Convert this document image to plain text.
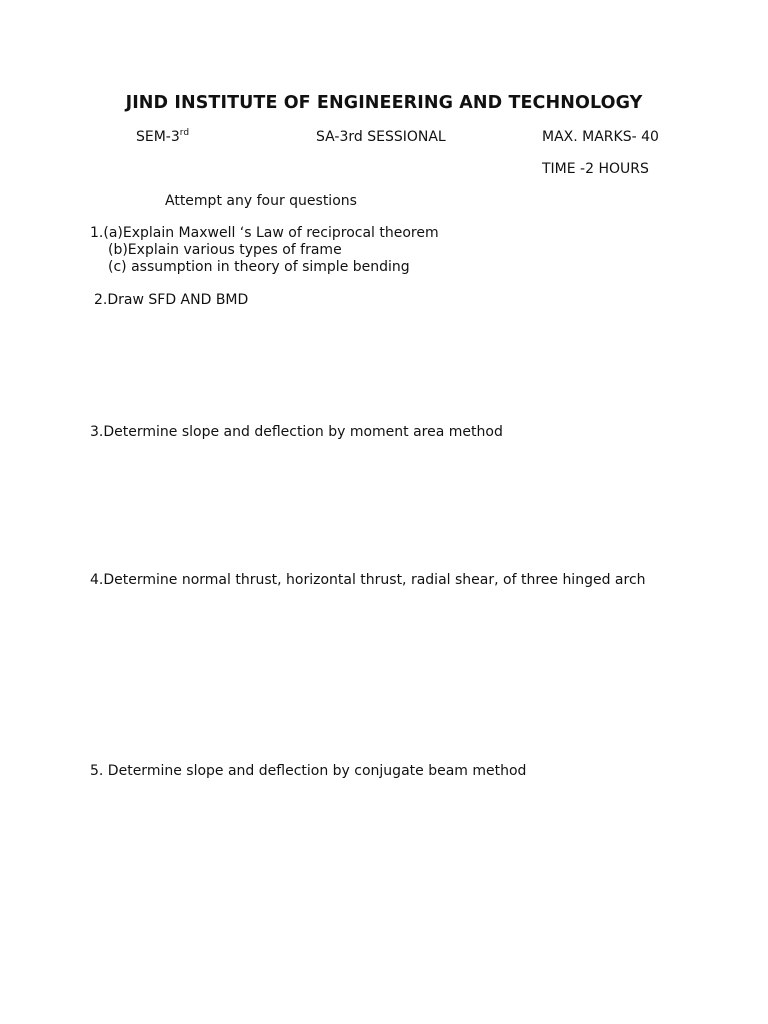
JIND INSTITUTE OF ENGINEERING AND TECHNOLOGY
SEM-3rd	SA-3rd SESSIONAL	MAX. MARKS- 40
TIME -2 HOURS
Attempt any four questions
1.(a)Explain Maxwell ‘s Law of reciprocal theorem
(b)Explain various types of frame
(c) assumption in theory of simple bending
2.Draw SFD AND BMD
3.Determine slope and deflection by moment area method
4.Determine normal thrust, horizontal thrust, radial shear, of three hinged arch
5. Determine slope and deflection by conjugate beam method
